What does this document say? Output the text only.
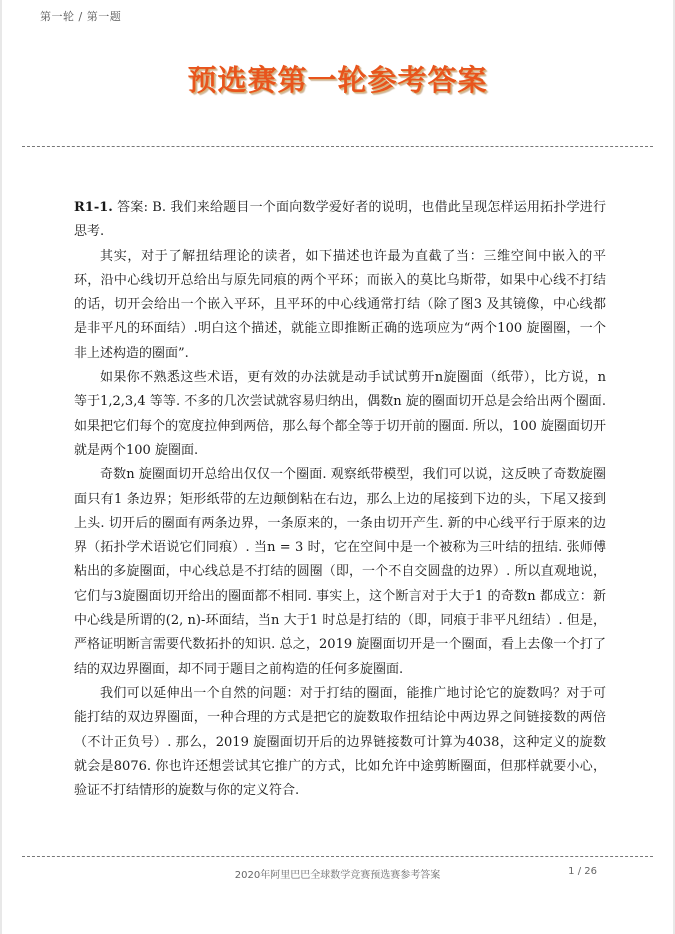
第一轮 / 第一题
预选赛第一轮参考答案

R1-1. 答案: B. 我们来给题目一个面向数学爱好者的说明，也借此呈现怎样运用拓扑学进行思考.

其实，对于了解扭结理论的读者，如下描述也许最为直截了当：三维空间中嵌入的平环，沿中心线切开总给出与原先同痕的两个平环；而嵌入的莫比乌斯带，如果中心线不打结的话，切开会给出一个嵌入平环，且平环的中心线通常打结（除了图3 及其镜像，中心线都是非平凡的环面结）.明白这个描述，就能立即推断正确的选项应为“两个100 旋圈圈，一个非上述构造的圈面”.

如果你不熟悉这些术语，更有效的办法就是动手试试剪开n旋圈面（纸带），比方说，n 等于1,2,3,4 等等. 不多的几次尝试就容易归纳出，偶数n 旋的圈面切开总是会给出两个圈面. 如果把它们每个的宽度拉伸到两倍，那么每个都全等于切开前的圈面. 所以，100 旋圈面切开就是两个100 旋圈面.

奇数n 旋圈面切开总给出仅仅一个圈面. 观察纸带模型，我们可以说，这反映了奇数旋圈面只有1 条边界；矩形纸带的左边颠倒粘在右边，那么上边的尾接到下边的头，下尾又接到上头. 切开后的圈面有两条边界，一条原来的，一条由切开产生. 新的中心线平行于原来的边界（拓扑学术语说它们同痕）. 当n = 3 时，它在空间中是一个被称为三叶结的扭结. 张师傅粘出的多旋圈面，中心线总是不打结的圆圈（即，一个不自交圆盘的边界）. 所以直观地说，它们与3旋圈面切开给出的圈面都不相同. 事实上，这个断言对于大于1 的奇数n 都成立：新中心线是所谓的(2, n)-环面结，当n 大于1 时总是打结的（即，同痕于非平凡纽结）. 但是，严格证明断言需要代数拓扑的知识. 总之，2019 旋圈面切开是一个圈面，看上去像一个打了结的双边界圈面，却不同于题目之前构造的任何多旋圈面.

我们可以延伸出一个自然的问题：对于打结的圈面，能推广地讨论它的旋数吗？对于可能打结的双边界圈面，一种合理的方式是把它的旋数取作扭结论中两边界之间链接数的两倍（不计正负号）. 那么，2019 旋圈面切开后的边界链接数可计算为4038，这种定义的旋数就会是8076. 你也许还想尝试其它推广的方式，比如允许中途剪断圈面，但那样就要小心，验证不打结情形的旋数与你的定义符合.

2020年阿里巴巴全球数学竞赛预选赛参考答案	1 / 26
